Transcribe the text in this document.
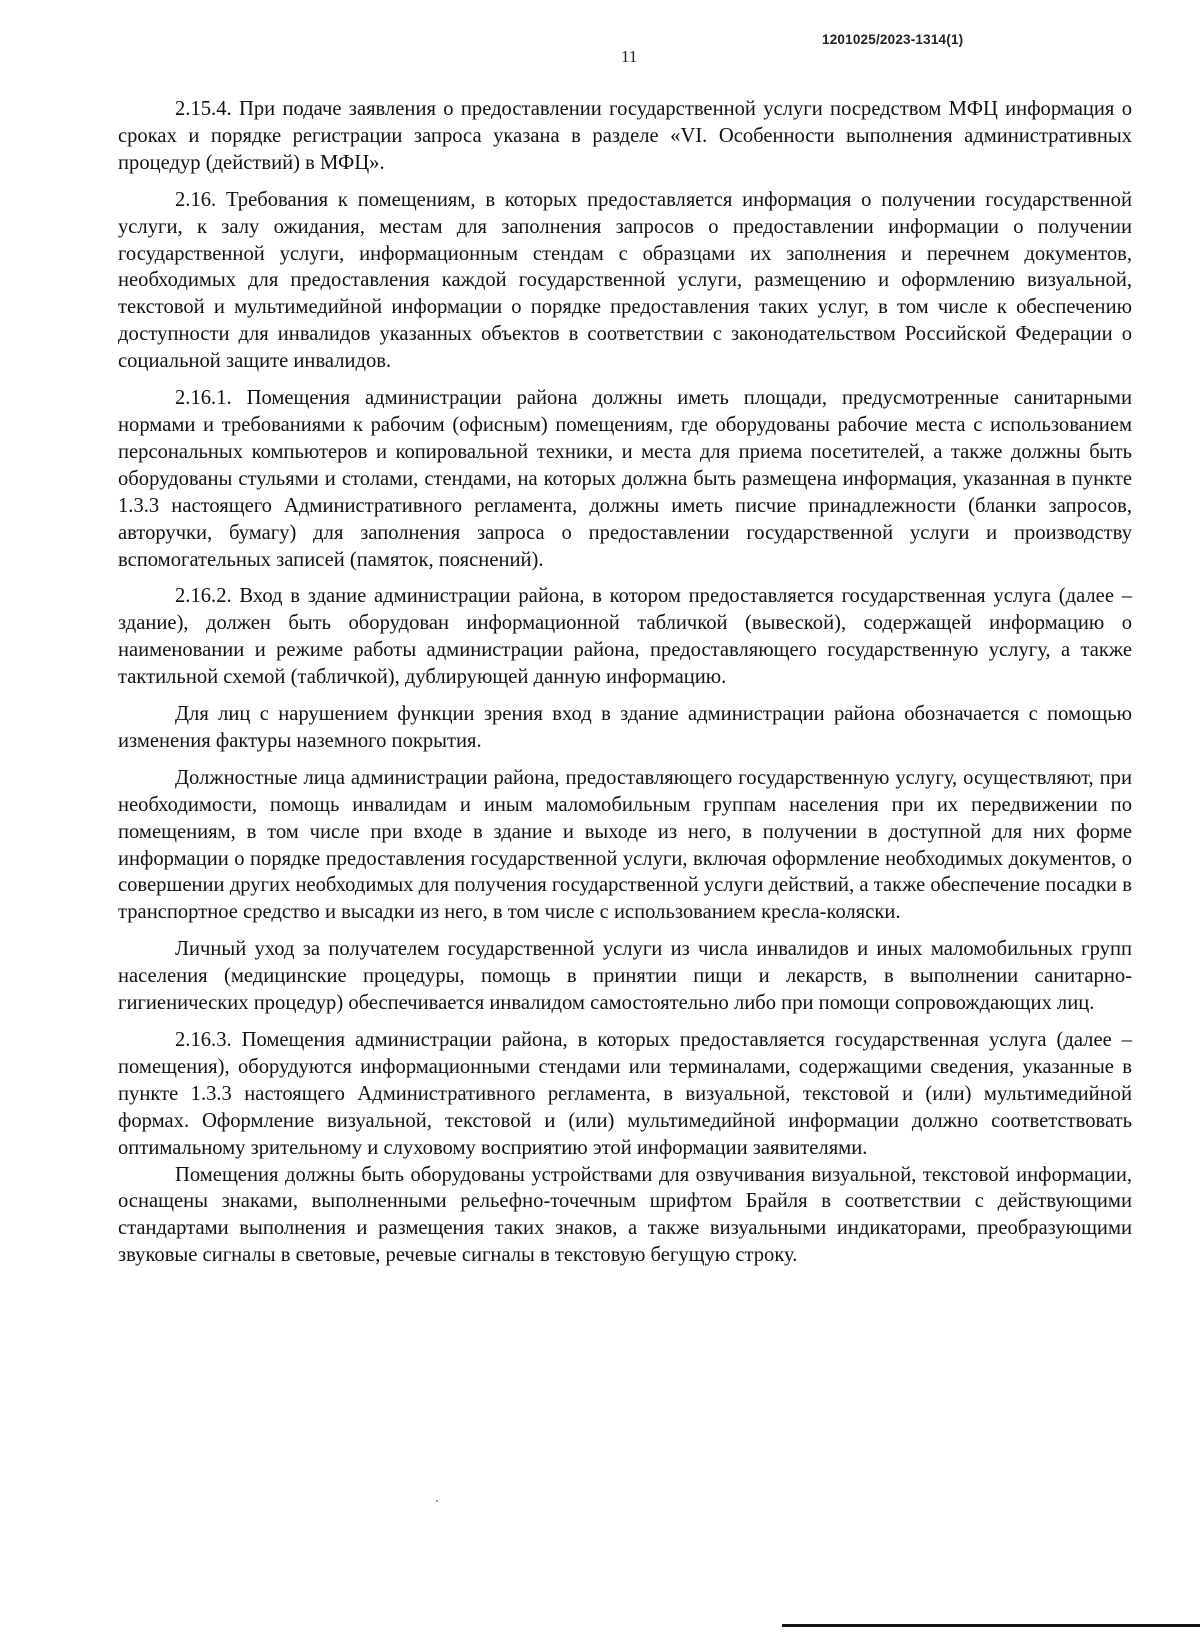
1201025/2023-1314(1)
11

2.15.4. При подаче заявления о предоставлении государственной услуги посредством МФЦ информация о сроках и порядке регистрации запроса указана в разделе «VI. Особенности выполнения административных процедур (действий) в МФЦ».

2.16. Требования к помещениям, в которых предоставляется информация о получении государственной услуги, к залу ожидания, местам для заполнения запросов о предоставлении информации о получении государственной услуги, информационным стендам с образцами их заполнения и перечнем документов, необходимых для предоставления каждой государственной услуги, размещению и оформлению визуальной, текстовой и мультимедийной информации о порядке предоставления таких услуг, в том числе к обеспечению доступности для инвалидов указанных объектов в соответствии с законодательством Российской Федерации о социальной защите инвалидов.

2.16.1. Помещения администрации района должны иметь площади, предусмотренные санитарными нормами и требованиями к рабочим (офисным) помещениям, где оборудованы рабочие места с использованием персональных компьютеров и копировальной техники, и места для приема посетителей, а также должны быть оборудованы стульями и столами, стендами, на которых должна быть размещена информация, указанная в пункте 1.3.3 настоящего Административного регламента, должны иметь писчие принадлежности (бланки запросов, авторучки, бумагу) для заполнения запроса о предоставлении государственной услуги и производству вспомогательных записей (памяток, пояснений).

2.16.2. Вход в здание администрации района, в котором предоставляется государственная услуга (далее – здание), должен быть оборудован информационной табличкой (вывеской), содержащей информацию о наименовании и режиме работы администрации района, предоставляющего государственную услугу, а также тактильной схемой (табличкой), дублирующей данную информацию.

Для лиц с нарушением функции зрения вход в здание администрации района обозначается с помощью изменения фактуры наземного покрытия.

Должностные лица администрации района, предоставляющего государственную услугу, осуществляют, при необходимости, помощь инвалидам и иным маломобильным группам населения при их передвижении по помещениям, в том числе при входе в здание и выходе из него, в получении в доступной для них форме информации о порядке предоставления государственной услуги, включая оформление необходимых документов, о совершении других необходимых для получения государственной услуги действий, а также обеспечение посадки в транспортное средство и высадки из него, в том числе с использованием кресла-коляски.

Личный уход за получателем государственной услуги из числа инвалидов и иных маломобильных групп населения (медицинские процедуры, помощь в принятии пищи и лекарств, в выполнении санитарно-гигиенических процедур) обеспечивается инвалидом самостоятельно либо при помощи сопровождающих лиц.

2.16.3. Помещения администрации района, в которых предоставляется государственная услуга (далее – помещения), оборудуются информационными стендами или терминалами, содержащими сведения, указанные в пункте 1.3.3 настоящего Административного регламента, в визуальной, текстовой и (или) мультимедийной формах. Оформление визуальной, текстовой и (или) мультимедийной информации должно соответствовать оптимальному зрительному и слуховому восприятию этой информации заявителями.

Помещения должны быть оборудованы устройствами для озвучивания визуальной, текстовой информации, оснащены знаками, выполненными рельефно-точечным шрифтом Брайля в соответствии с действующими стандартами выполнения и размещения таких знаков, а также визуальными индикаторами, преобразующими звуковые сигналы в световые, речевые сигналы в текстовую бегущую строку.
